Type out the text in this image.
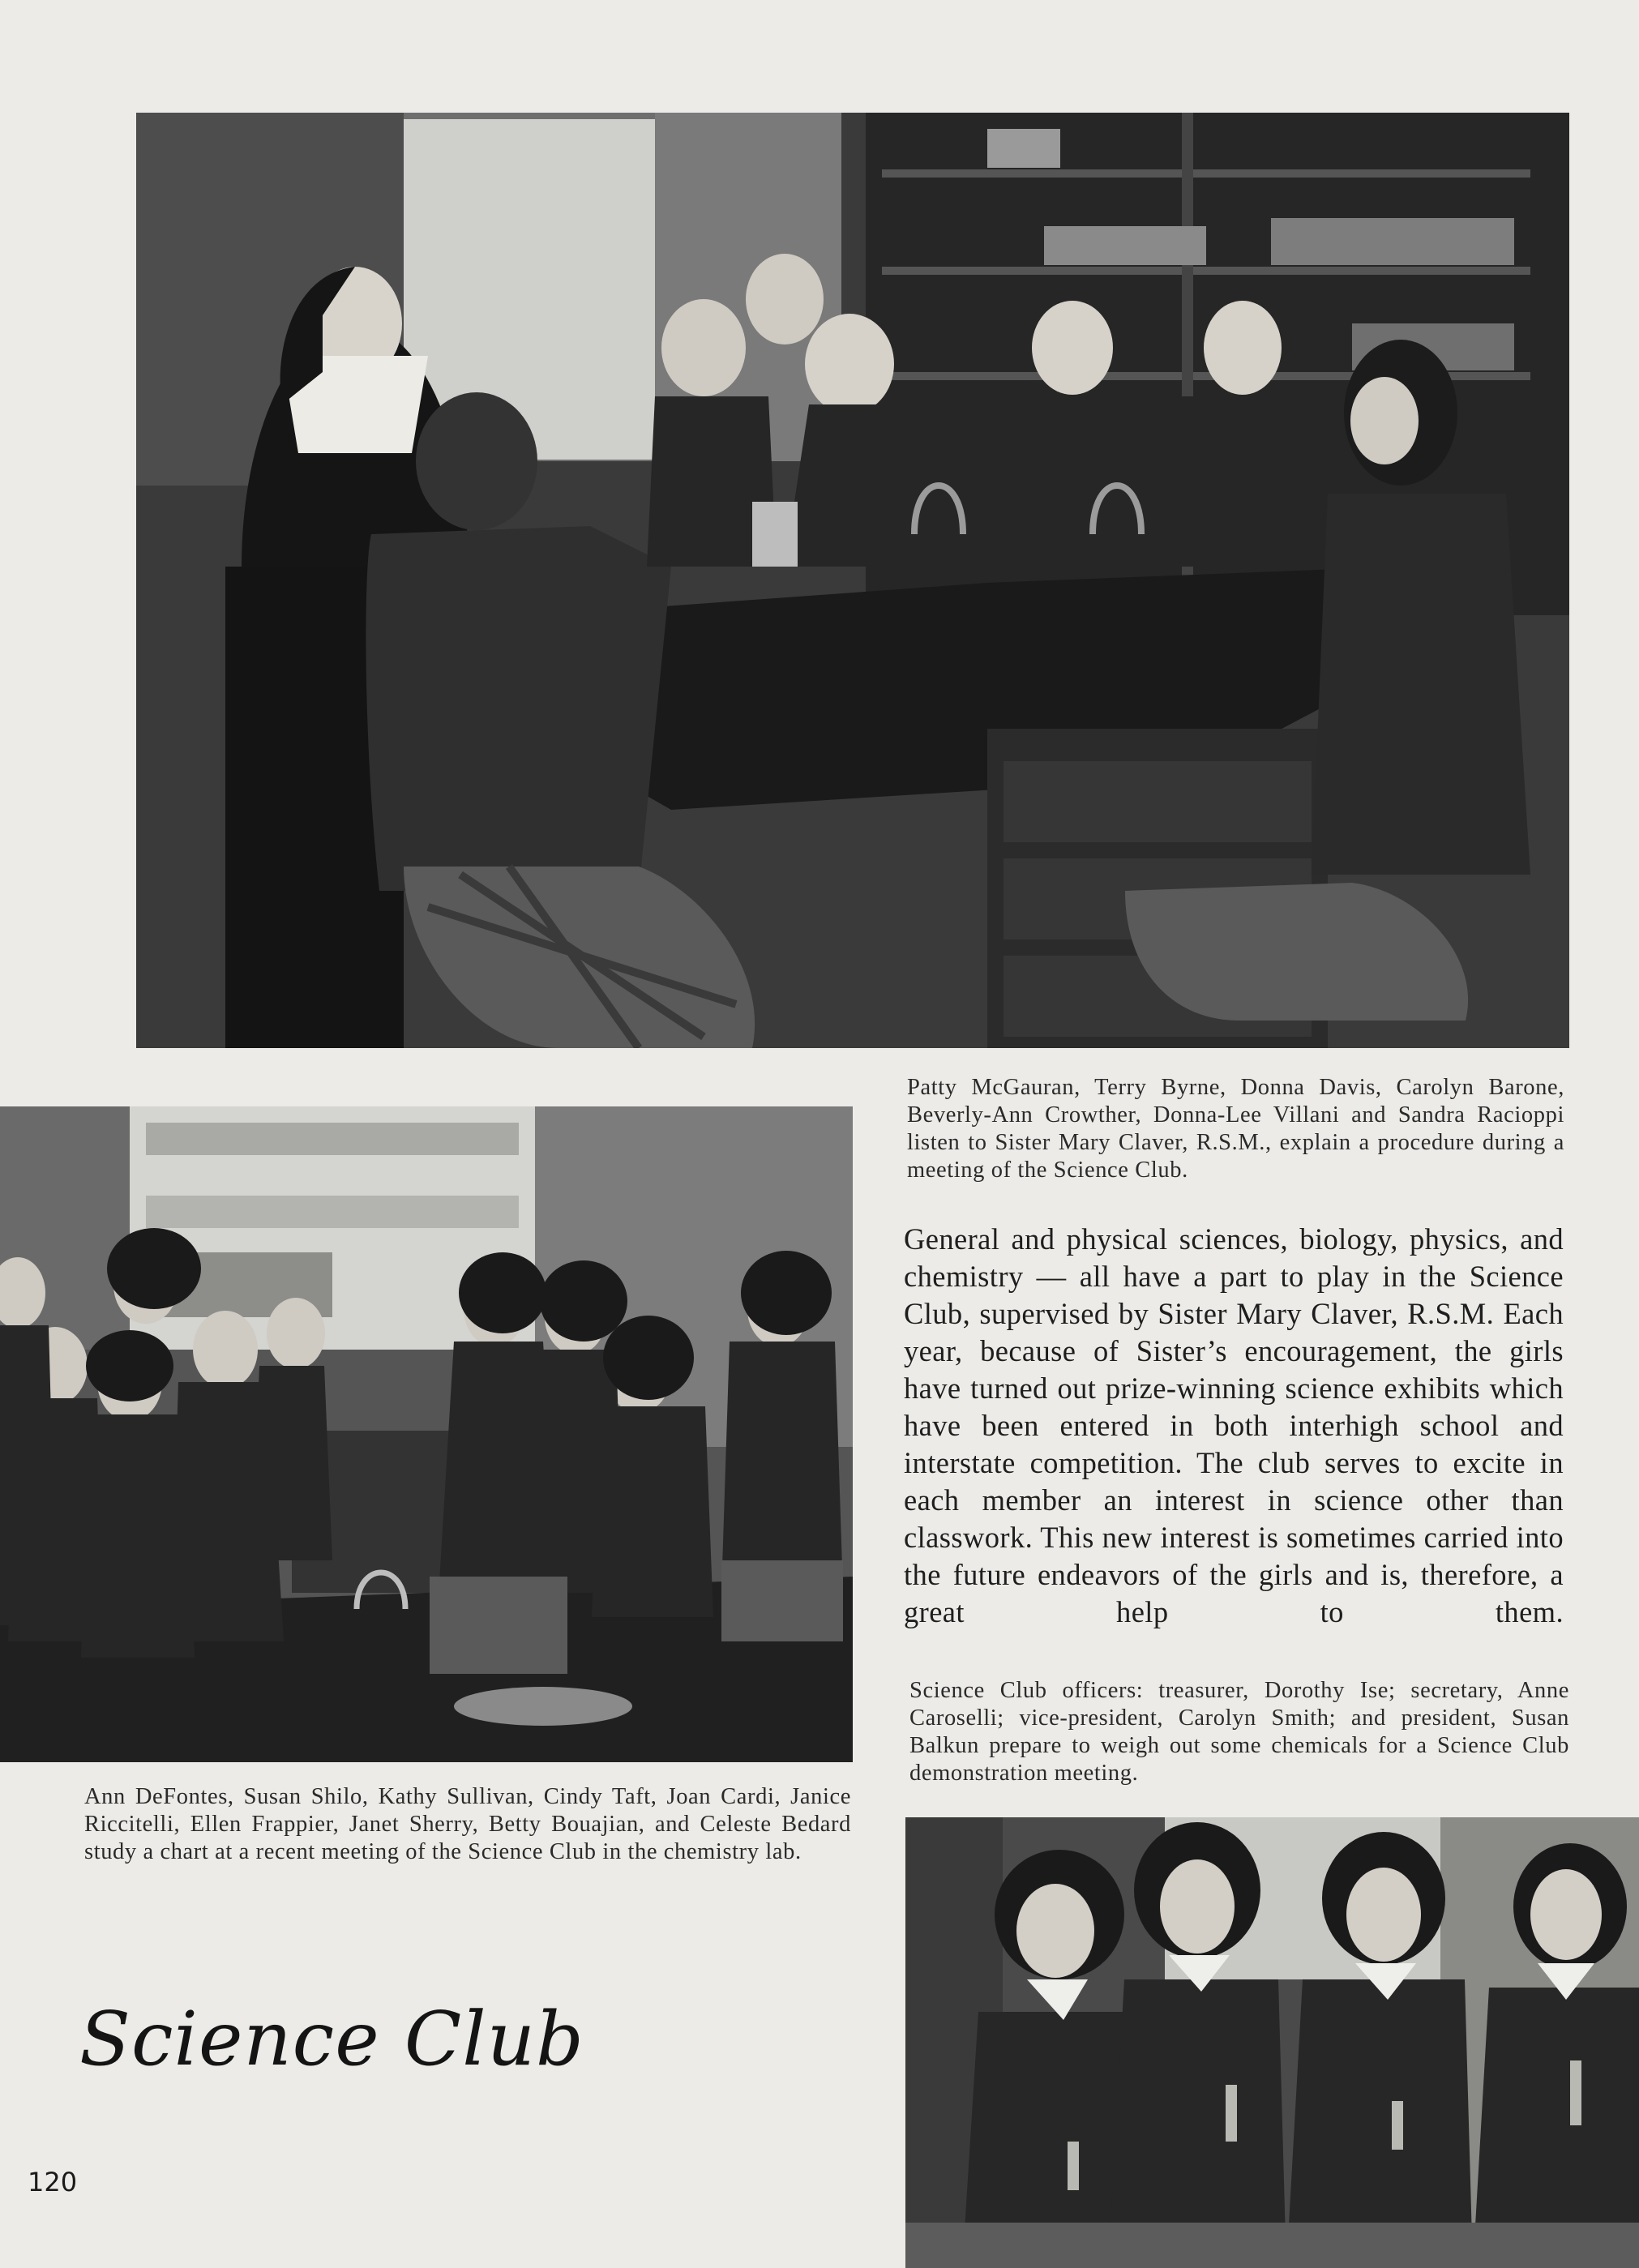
Patty McGauran, Terry Byrne, Donna Davis, Carolyn Barone, Beverly-Ann Crowther, Donna-Lee Villani and Sandra Racioppi listen to Sister Mary Claver, R.S.M., explain a procedure during a meeting of the Science Club.

General and physical sciences, biology, physics, and chemistry — all have a part to play in the Science Club, supervised by Sister Mary Claver, R.S.M. Each year, because of Sister’s encouragement, the girls have turned out prize-winning science exhibits which have been entered in both interhigh school and interstate competition. The club serves to excite in each member an interest in science other than classwork. This new interest is sometimes carried into the future endeavors of the girls and is, therefore, a great help to them.

Ann DeFontes, Susan Shilo, Kathy Sullivan, Cindy Taft, Joan Cardi, Janice Riccitelli, Ellen Frappier, Janet Sherry, Betty Bouajian, and Celeste Bedard study a chart at a recent meeting of the Science Club in the chemistry lab.

Science Club officers: treasurer, Dorothy Ise; secretary, Anne Caroselli; vice-president, Carolyn Smith; and president, Susan Balkun prepare to weigh out some chemicals for a Science Club demonstration meeting.

Science Club
120
